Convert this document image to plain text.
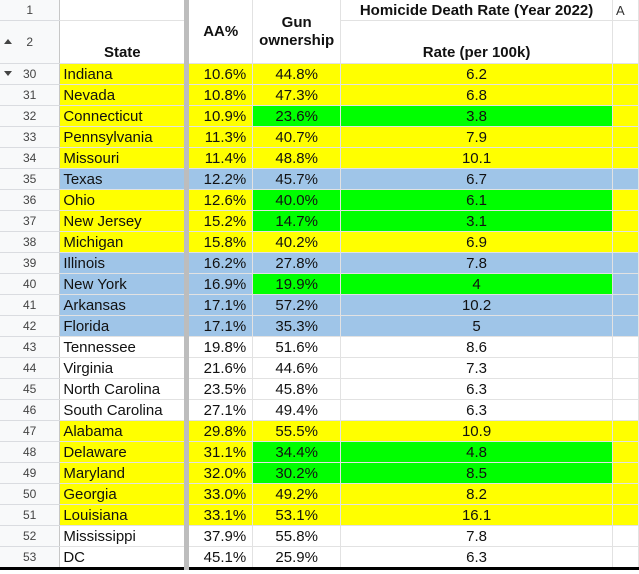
1		AA%	Gun ownership	Homicide Death Rate (Year 2022)	A

2	State			Rate (per 100k)	

30	Indiana	10.6%	44.8%	6.2	
31	Nevada	10.8%	47.3%	6.8	
32	Connecticut	10.9%	23.6%	3.8	
33	Pennsylvania	11.3%	40.7%	7.9	
34	Missouri	11.4%	48.8%	10.1	
35	Texas	12.2%	45.7%	6.7	
36	Ohio	12.6%	40.0%	6.1	
37	New Jersey	15.2%	14.7%	3.1	
38	Michigan	15.8%	40.2%	6.9	
39	Illinois	16.2%	27.8%	7.8	
40	New York	16.9%	19.9%	4	
41	Arkansas	17.1%	57.2%	10.2	
42	Florida	17.1%	35.3%	5	
43	Tennessee	19.8%	51.6%	8.6	
44	Virginia	21.6%	44.6%	7.3	
45	North Carolina	23.5%	45.8%	6.3	
46	South Carolina	27.1%	49.4%	6.3	
47	Alabama	29.8%	55.5%	10.9	
48	Delaware	31.1%	34.4%	4.8	
49	Maryland	32.0%	30.2%	8.5	
50	Georgia	33.0%	49.2%	8.2	
51	Louisiana	33.1%	53.1%	16.1	
52	Mississippi	37.9%	55.8%	7.8	
53	DC	45.1%	25.9%	6.3	
